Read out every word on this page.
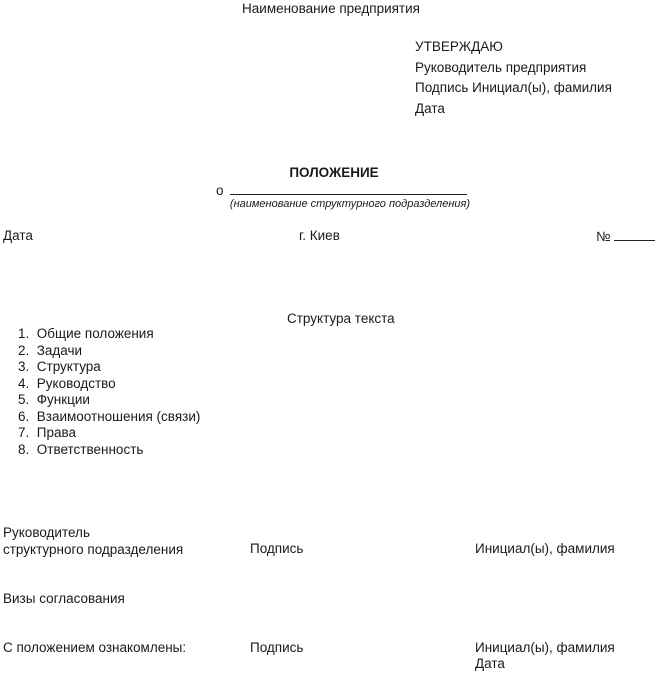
Наименование предприятия
УТВЕРЖДАЮ
Руководитель предприятия
Подпись Инициал(ы), фамилия
Дата
ПОЛОЖЕНИЕ
о
(наименование структурного подразделения)
Дата	г. Киев	№
Структура текста
1. Общие положения
2. Задачи
3. Структура
4. Руководство
5. Функции
6. Взаимоотношения (связи)
7. Права
8. Ответственность
Руководитель
структурного подразделения	Подпись	Инициал(ы), фамилия
Визы согласования
С положением ознакомлены:	Подпись	Инициал(ы), фамилия
Дата
